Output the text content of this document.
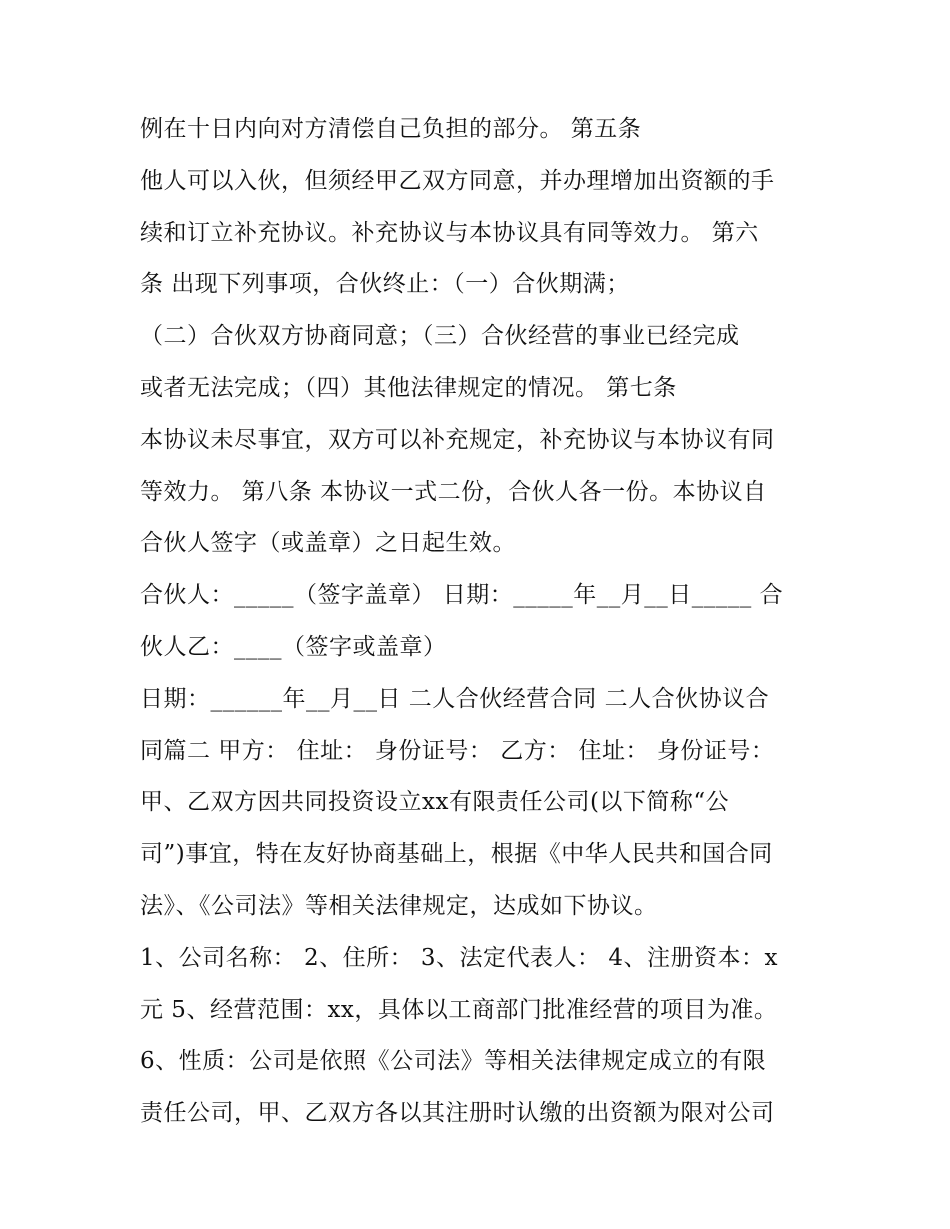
例在十日内向对方清偿自己负担的部分。 第五条
他人可以入伙，但须经甲乙双方同意，并办理增加出资额的手
续和订立补充协议。补充协议与本协议具有同等效力。 第六
条 出现下列事项，合伙终止：（一）合伙期满；
（二）合伙双方协商同意；（三）合伙经营的事业已经完成
或者无法完成；（四）其他法律规定的情况。 第七条
本协议未尽事宜，双方可以补充规定，补充协议与本协议有同
等效力。 第八条 本协议一式二份，合伙人各一份。本协议自
合伙人签字（或盖章）之日起生效。
合伙人：_____（签字盖章） 日期：_____年__月__日_____ 合
伙人乙：____（签字或盖章）
日期：______年__月__日 二人合伙经营合同 二人合伙协议合
同篇二 甲方： 住址： 身份证号： 乙方： 住址： 身份证号：
甲、乙双方因共同投资设立xx有限责任公司(以下简称“公
司”)事宜，特在友好协商基础上，根据《中华人民共和国合同
法》、《公司法》等相关法律规定，达成如下协议。
1、公司名称： 2、住所： 3、法定代表人： 4、注册资本：x
元 5、经营范围：xx，具体以工商部门批准经营的项目为准。
6、性质：公司是依照《公司法》等相关法律规定成立的有限
责任公司，甲、乙双方各以其注册时认缴的出资额为限对公司
